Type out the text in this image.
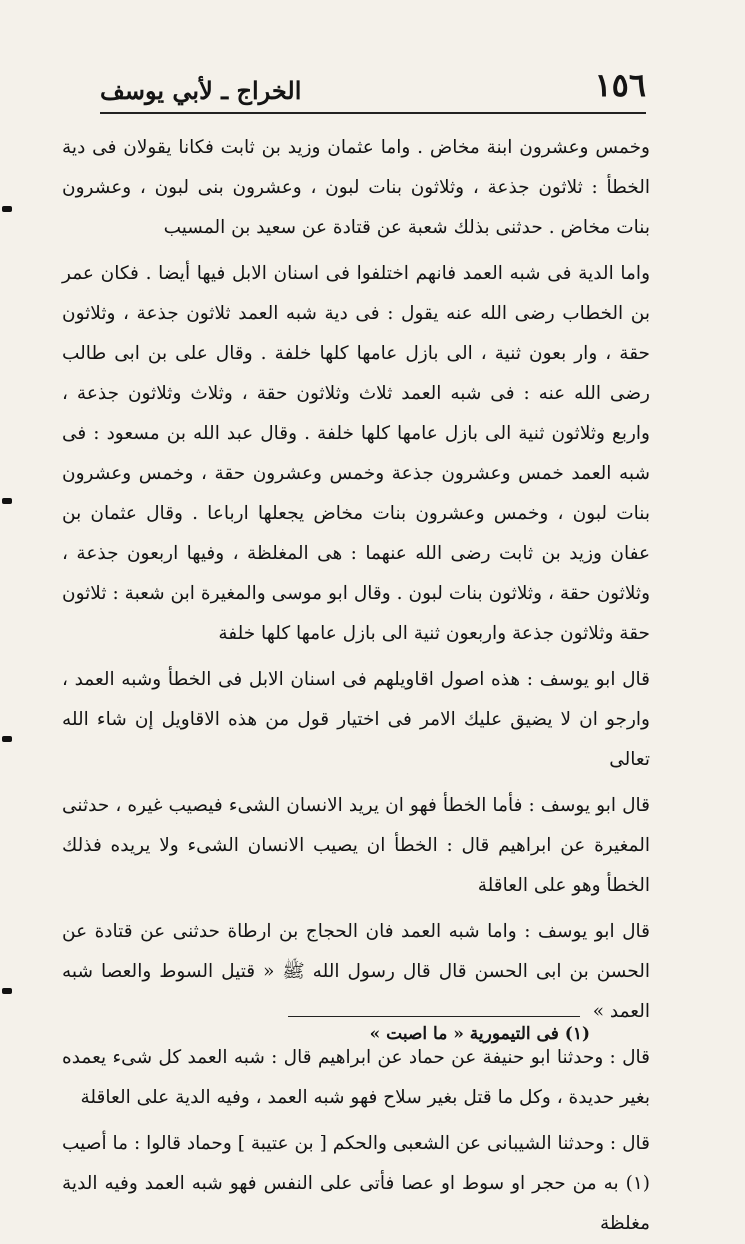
١٥٦
الخراج ـ لأبي يوسف

وخمس وعشرون ابنة مخاض . واما عثمان وزيد بن ثابت فكانا يقولان فى دية الخطأ : ثلاثون جذعة ، وثلاثون بنات لبون ، وعشرون بنى لبون ، وعشرون بنات مخاض . حدثنى بذلك شعبة عن قتادة عن سعيد بن المسيب

واما الدية فى شبه العمد فانهم اختلفوا فى اسنان الابل فيها أيضا . فكان عمر بن الخطاب رضى الله عنه يقول : فى دية شبه العمد ثلاثون جذعة ، وثلاثون حقة ، وار بعون ثنية ، الى بازل عامها كلها خلفة . وقال على بن ابى طالب رضى الله عنه : فى شبه العمد ثلاث وثلاثون حقة ، وثلاث وثلاثون جذعة ، واربع وثلاثون ثنية الى بازل عامها كلها خلفة . وقال عبد الله بن مسعود : فى شبه العمد خمس وعشرون جذعة وخمس وعشرون حقة ، وخمس وعشرون بنات لبون ، وخمس وعشرون بنات مخاض يجعلها ارباعا . وقال عثمان بن عفان وزيد بن ثابت رضى الله عنهما : هى المغلظة ، وفيها اربعون جذعة ، وثلاثون حقة ، وثلاثون بنات لبون . وقال ابو موسى والمغيرة ابن شعبة : ثلاثون حقة وثلاثون جذعة واربعون ثنية الى بازل عامها كلها خلفة

قال ابو يوسف : هذه اصول اقاويلهم فى اسنان الابل فى الخطأ وشبه العمد ، وارجو ان لا يضيق عليك الامر فى اختيار قول من هذه الاقاويل إن شاء الله تعالى

قال ابو يوسف : فأما الخطأ فهو ان يريد الانسان الشىء فيصيب غيره ، حدثنى المغيرة عن ابراهيم قال : الخطأ ان يصيب الانسان الشىء ولا يريده فذلك الخطأ وهو على العاقلة

قال ابو يوسف : واما شبه العمد فان الحجاج بن ارطاة حدثنى عن قتادة عن الحسن بن ابى الحسن قال قال رسول الله ﷺ « قتيل السوط والعصا شبه العمد »

قال : وحدثنا ابو حنيفة عن حماد عن ابراهيم قال : شبه العمد كل شىء يعمده بغير حديدة ، وكل ما قتل بغير سلاح فهو شبه العمد ، وفيه الدية على العاقلة

قال : وحدثنا الشيبانى عن الشعبى والحكم [ بن عتيبة ] وحماد قالوا : ما أصيب (١) به من حجر او سوط او عصا فأتى على النفس فهو شبه العمد وفيه الدية مغلظة

(١) فى التيمورية « ما اصبت »
